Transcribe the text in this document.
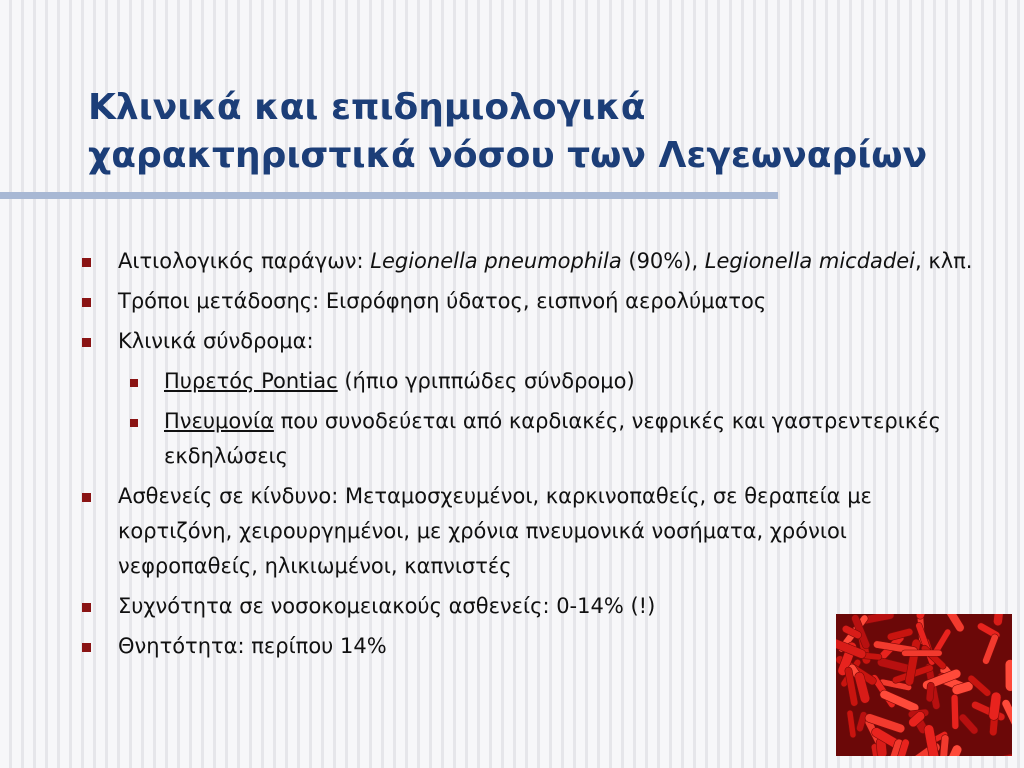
Κλινικά και επιδημιολογικά
χαρακτηριστικά νόσου των Λεγεωναρίων
Αιτιολογικός παράγων: Legionella pneumophila (90%), Legionella micdadei, κλπ.
Τρόποι μετάδοσης: Εισρόφηση ύδατος, εισπνοή αερολύματος
Κλινικά σύνδρομα:
Πυρετός Pontiac (ήπιο γριππώδες σύνδρομο)
Πνευμονία που συνοδεύεται από καρδιακές, νεφρικές και γαστρεντερικές εκδηλώσεις
Ασθενείς σε κίνδυνο: Μεταμοσχευμένοι, καρκινοπαθείς, σε θεραπεία με κορτιζόνη, χειρουργημένοι, με χρόνια πνευμονικά νοσήματα, χρόνιοι νεφροπαθείς, ηλικιωμένοι, καπνιστές
Συχνότητα σε νοσοκομειακούς ασθενείς: 0-14% (!)
Θνητότητα: περίπου 14%
